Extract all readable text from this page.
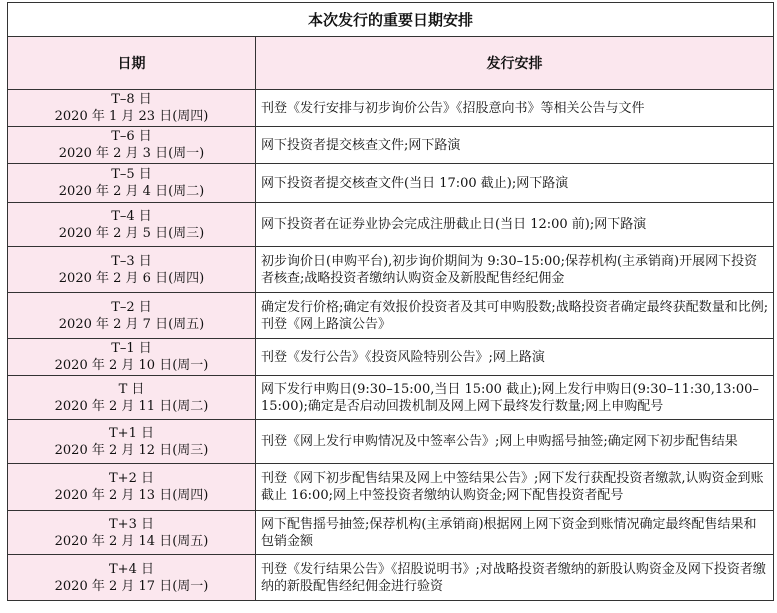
本次发行的重要日期安排	
日期	发行安排

T–8 日
2020 年 1 月 23 日(周四)	刊登《发行安排与初步询价公告》《招股意向书》等相关公告与文件

T–6 日
2020 年 2 月 3 日(周一)	网下投资者提交核查文件;网下路演

T–5 日
2020 年 2 月 4 日(周二)	网下投资者提交核查文件(当日 17:00 截止);网下路演

T–4 日
2020 年 2 月 5 日(周三)	网下投资者在证券业协会完成注册截止日(当日 12:00 前);网下路演

T–3 日
2020 年 2 月 6 日(周四)	初步询价日(申购平台),初步询价期间为 9:30–15:00;保荐机构(主承销商)开展网下投资者核查;战略投资者缴纳认购资金及新股配售经纪佣金

T–2 日
2020 年 2 月 7 日(周五)	确定发行价格;确定有效报价投资者及其可申购股数;战略投资者确定最终获配数量和比例;刊登《网上路演公告》

T–1 日
2020 年 2 月 10 日(周一)	刊登《发行公告》《投资风险特别公告》;网上路演

T 日
2020 年 2 月 11 日(周二)	网下发行申购日(9:30–15:00,当日 15:00 截止);网上发行申购日(9:30–11:30,13:00–15:00);确定是否启动回拨机制及网上网下最终发行数量;网上申购配号

T+1 日
2020 年 2 月 12 日(周三)	刊登《网上发行申购情况及中签率公告》;网上申购摇号抽签;确定网下初步配售结果

T+2 日
2020 年 2 月 13 日(周四)	刊登《网下初步配售结果及网上中签结果公告》;网下发行获配投资者缴款,认购资金到账截止 16:00;网上中签投资者缴纳认购资金;网下配售投资者配号

T+3 日
2020 年 2 月 14 日(周五)	网下配售摇号抽签;保荐机构(主承销商)根据网上网下资金到账情况确定最终配售结果和包销金额

T+4 日
2020 年 2 月 17 日(周一)	刊登《发行结果公告》《招股说明书》;对战略投资者缴纳的新股认购资金及网下投资者缴纳的新股配售经纪佣金进行验资
